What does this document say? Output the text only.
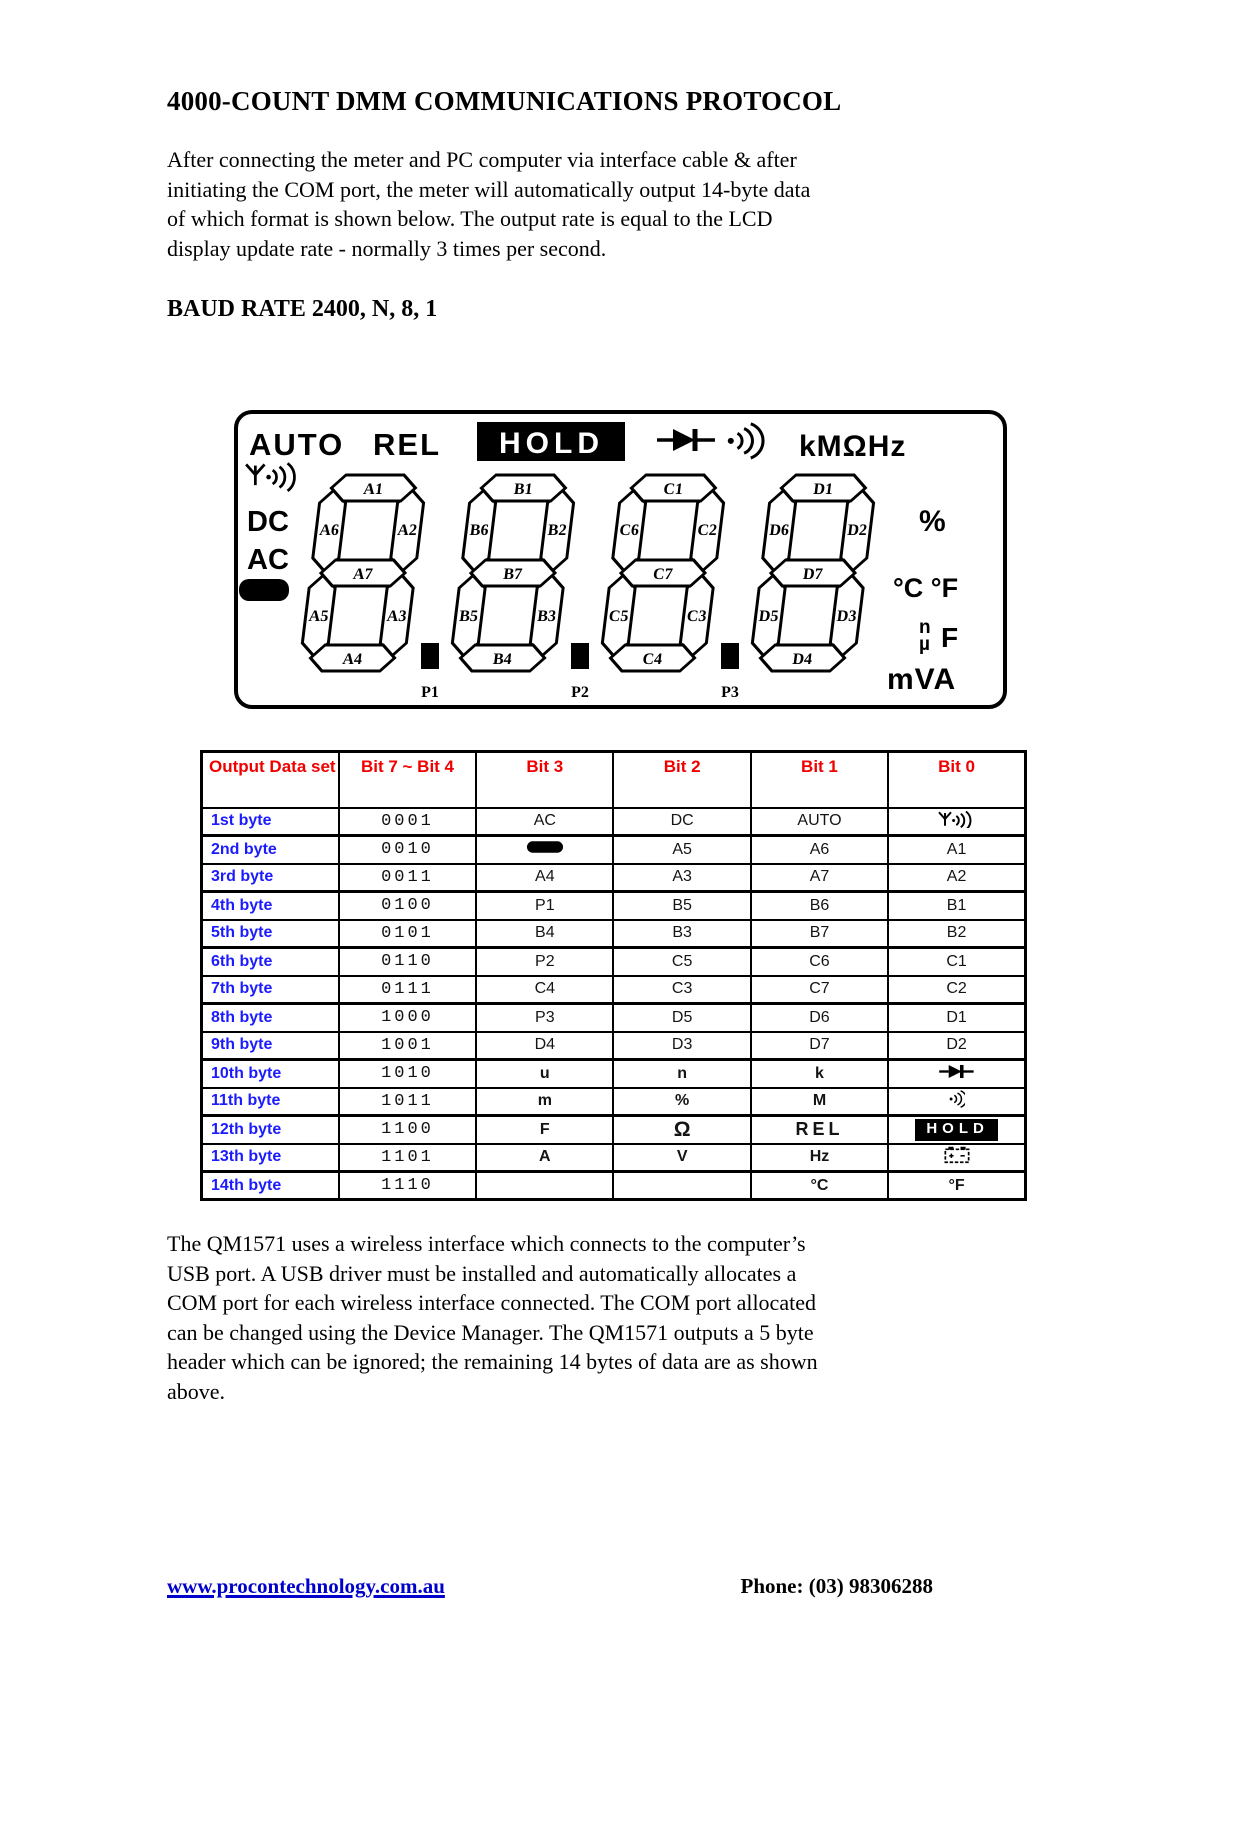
4000-COUNT DMM COMMUNICATIONS PROTOCOL

After connecting the meter and PC computer via interface cable & after
initiating the COM port, the meter will automatically output 14-byte data
of which format is shown below. The output rate is equal to the LCD
display update rate - normally 3 times per second.

BAUD RATE 2400, N, 8, 1
AUTO REL HOLD	kMΩHz
DC
AC
A6	A2
A5	A3
A1
A7
A4
B6	B2
B5	B3
B1
B7
B4
C6	C2
C5	C3
C1
C7
C4
D6	D2
D5	D3
D1
D7
D4
P1	P2	P3
%
°C °F
n
µ F
mVA
Output Data set	Bit 7 ~ Bit 4	Bit 3	Bit 2	Bit 1	Bit 0
1st byte	0001	AC	DC	AUTO	
2nd byte	0010		A5	A6	A1
3rd byte	0011	A4	A3	A7	A2
4th byte	0100	P1	B5	B6	B1
5th byte	0101	B4	B3	B7	B2
6th byte	0110	P2	C5	C6	C1
7th byte	0111	C4	C3	C7	C2
8th byte	1000	P3	D5	D6	D1
9th byte	1001	D4	D3	D7	D2
10th byte	1010	u	n	k	
11th byte	1011	m	%	M	
12th byte	1100	F	Ω	REL	HOLD
13th byte	1101	A	V	Hz	
14th byte	1110			°C	°F

The QM1571 uses a wireless interface which connects to the computer’s
USB port. A USB driver must be installed and automatically allocates a
COM port for each wireless interface connected. The COM port allocated
can be changed using the Device Manager. The QM1571 outputs a 5 byte
header which can be ignored; the remaining 14 bytes of data are as shown
above.

www.procontechnology.com.au	Phone: (03) 98306288
